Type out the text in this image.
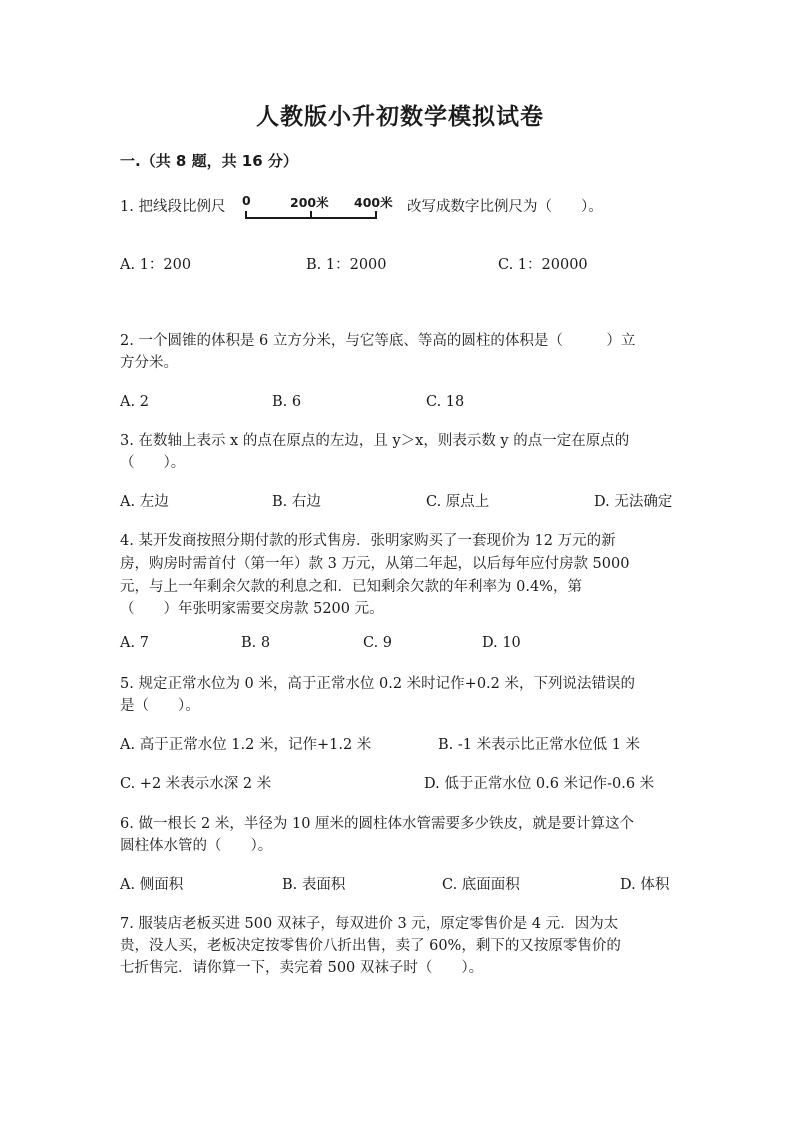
人教版小升初数学模拟试卷
一.（共 8 题，共 16 分）
1. 把线段比例尺 0	200米 400米 改写成数字比例尺为（　　）。
A. 1：200	B. 1：2000	C. 1：20000
2. 一个圆锥的体积是 6 立方分米，与它等底、等高的圆柱的体积是（　　　）立
方分米。
A. 2	B. 6	C. 18
3. 在数轴上表示 x 的点在原点的左边，且 y＞x，则表示数 y 的点一定在原点的
（　　）。
A. 左边	B. 右边	C. 原点上	D. 无法确定
4. 某开发商按照分期付款的形式售房．张明家购买了一套现价为 12 万元的新
房，购房时需首付（第一年）款 3 万元，从第二年起，以后每年应付房款 5000
元，与上一年剩余欠款的利息之和．已知剩余欠款的年利率为 0.4%，第
（　　）年张明家需要交房款 5200 元。
A. 7	B. 8	C. 9	D. 10
5. 规定正常水位为 0 米，高于正常水位 0.2 米时记作+0.2 米，下列说法错误的
是（　　）。
A. 高于正常水位 1.2 米，记作+1.2 米	B. -1 米表示比正常水位低 1 米
C. +2 米表示水深 2 米	D. 低于正常水位 0.6 米记作-0.6 米
6. 做一根长 2 米，半径为 10 厘米的圆柱体水管需要多少铁皮，就是要计算这个
圆柱体水管的（　　）。
A. 侧面积	B. 表面积	C. 底面面积	D. 体积
7. 服装店老板买进 500 双袜子，每双进价 3 元，原定零售价是 4 元．因为太
贵，没人买，老板决定按零售价八折出售，卖了 60%，剩下的又按原零售价的
七折售完．请你算一下，卖完着 500 双袜子时（　　）。
